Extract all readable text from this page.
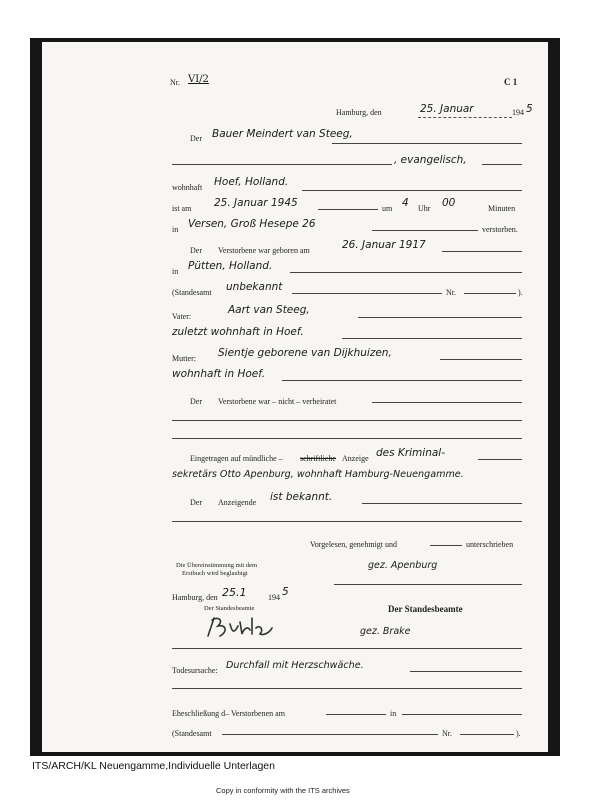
Nr. VI/2	C 1
Hamburg, den	25. Januar	194 5
Der Bauer Meindert van Steeg,
, evangelisch,
wohnhaft Hoef, Holland.
ist am 25. Januar 1945	um 4 Uhr 00	Minuten
in Versen, Groß Hesepe 26	verstorben.
Der Verstorbene war geboren am	26. Januar 1917
in Pütten, Holland.
(Standesamt unbekannt	Nr.	).
Vater:
Aart van Steeg,
zuletzt wohnhaft in Hoef.
Mutter: Sientje geborene van Dijkhuizen,
wohnhaft in Hoef.
Der Verstorbene war – nicht – verheiratet
Eingetragen auf mündliche – schriftliche Anzeige des Kriminal-
sekretärs Otto Apenburg, wohnhaft Hamburg-Neuengamme.
Der Anzeigende ist bekannt.
Vorgelesen, genehmigt und	unterschrieben
Die Übereinstimmung mit dem
Erstbuch wird beglaubigt
gez. Apenburg
Hamburg, den 25.1	194 5
Der Standesbeamte	Der Standesbeamte
gez. Brake
Todesursache: Durchfall mit Herzschwäche.
Eheschließung d– Verstorbenen am	in
(Standesamt	Nr.	).
ITS/ARCH/KL Neuengamme,Individuelle Unterlagen
Copy in conformity with the ITS archives
